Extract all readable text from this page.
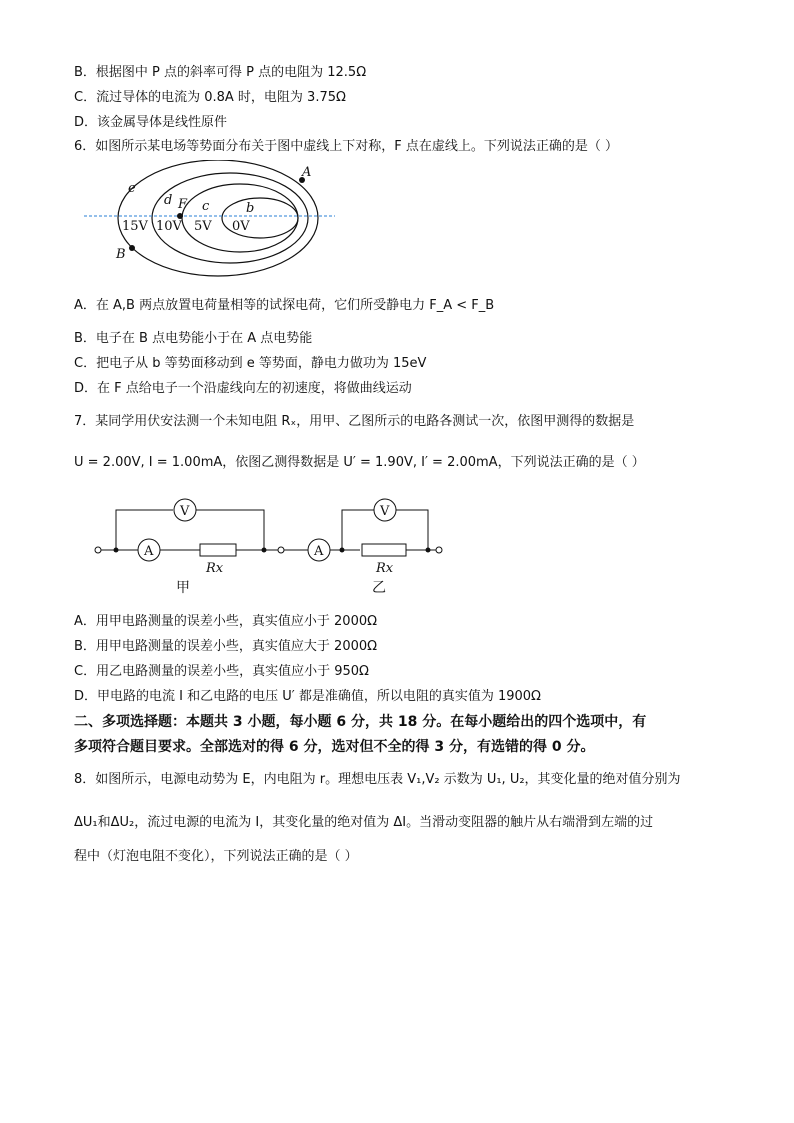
B．根据图中 P 点的斜率可得 P 点的电阻为 12.5Ω
C．流过导体的电流为 0.8A 时，电阻为 3.75Ω
D．该金属导体是线性原件
6．如图所示某电场等势面分布关于图中虚线上下对称，F 点在虚线上。下列说法正确的是（ ）
e
d c	b
15V 10V 5V 0V
A
B
F
A．在 A,B 两点放置电荷量相等的试探电荷，它们所受静电力 F_A < F_B
B．电子在 B 点电势能小于在 A 点电势能
C．把电子从 b 等势面移动到 e 等势面，静电力做功为 15eV
D．在 F 点给电子一个沿虚线向左的初速度，将做曲线运动
7．某同学用伏安法测一个未知电阻 Rₓ，用甲、乙图所示的电路各测试一次，依图甲测得的数据是
U = 2.00V, I = 1.00mA，依图乙测得数据是 U′ = 1.90V, I′ = 2.00mA，下列说法正确的是（ ）
A
V
Rx
甲
A
V
Rx
乙
A．用甲电路测量的误差小些，真实值应小于 2000Ω
B．用甲电路测量的误差小些，真实值应大于 2000Ω
C．用乙电路测量的误差小些，真实值应小于 950Ω
D．甲电路的电流 I 和乙电路的电压 U′ 都是准确值，所以电阻的真实值为 1900Ω
二、多项选择题：本题共 3 小题，每小题 6 分，共 18 分。在每小题给出的四个选项中，有
多项符合题目要求。全部选对的得 6 分，选对但不全的得 3 分，有选错的得 0 分。
8．如图所示，电源电动势为 E，内电阻为 r。理想电压表 V₁,V₂ 示数为 U₁, U₂，其变化量的绝对值分别为
ΔU₁和ΔU₂，流过电源的电流为 I，其变化量的绝对值为 ΔI。当滑动变阻器的触片从右端滑到左端的过
程中（灯泡电阻不变化），下列说法正确的是（ ）
